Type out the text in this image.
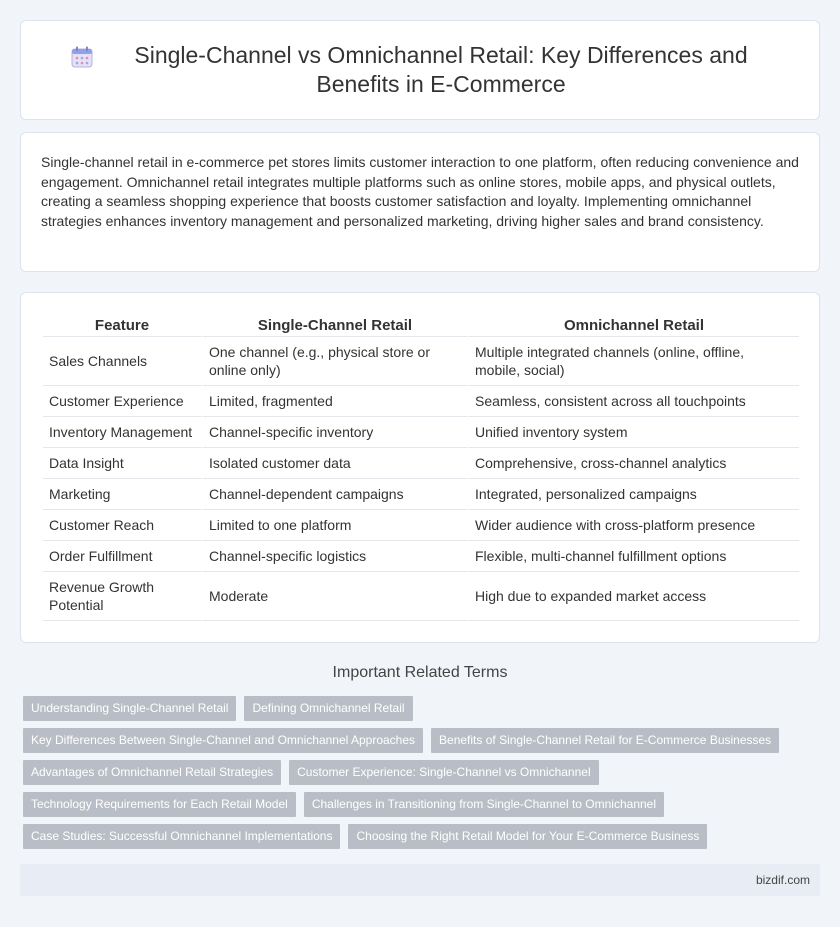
Single-Channel vs Omnichannel Retail: Key Differences and Benefits in E-Commerce

Single-channel retail in e-commerce pet stores limits customer interaction to one platform, often reducing convenience and engagement. Omnichannel retail integrates multiple platforms such as online stores, mobile apps, and physical outlets, creating a seamless shopping experience that boosts customer satisfaction and loyalty. Implementing omnichannel strategies enhances inventory management and personalized marketing, driving higher sales and brand consistency.

Feature	Single-Channel Retail	Omnichannel Retail
Sales Channels	One channel (e.g., physical store or online only)	Multiple integrated channels (online, offline, mobile, social)
Customer Experience	Limited, fragmented	Seamless, consistent across all touchpoints
Inventory Management	Channel-specific inventory	Unified inventory system
Data Insight	Isolated customer data	Comprehensive, cross-channel analytics
Marketing	Channel-dependent campaigns	Integrated, personalized campaigns
Customer Reach	Limited to one platform	Wider audience with cross-platform presence
Order Fulfillment	Channel-specific logistics	Flexible, multi-channel fulfillment options
Revenue Growth Potential	Moderate	High due to expanded market access
Important Related Terms
Understanding Single-Channel Retail	Defining Omnichannel Retail
Key Differences Between Single-Channel and Omnichannel Approaches	Benefits of Single-Channel Retail for E-Commerce Businesses
Advantages of Omnichannel Retail Strategies	Customer Experience: Single-Channel vs Omnichannel
Technology Requirements for Each Retail Model	Challenges in Transitioning from Single-Channel to Omnichannel
Case Studies: Successful Omnichannel Implementations	Choosing the Right Retail Model for Your E-Commerce Business
bizdif.com
